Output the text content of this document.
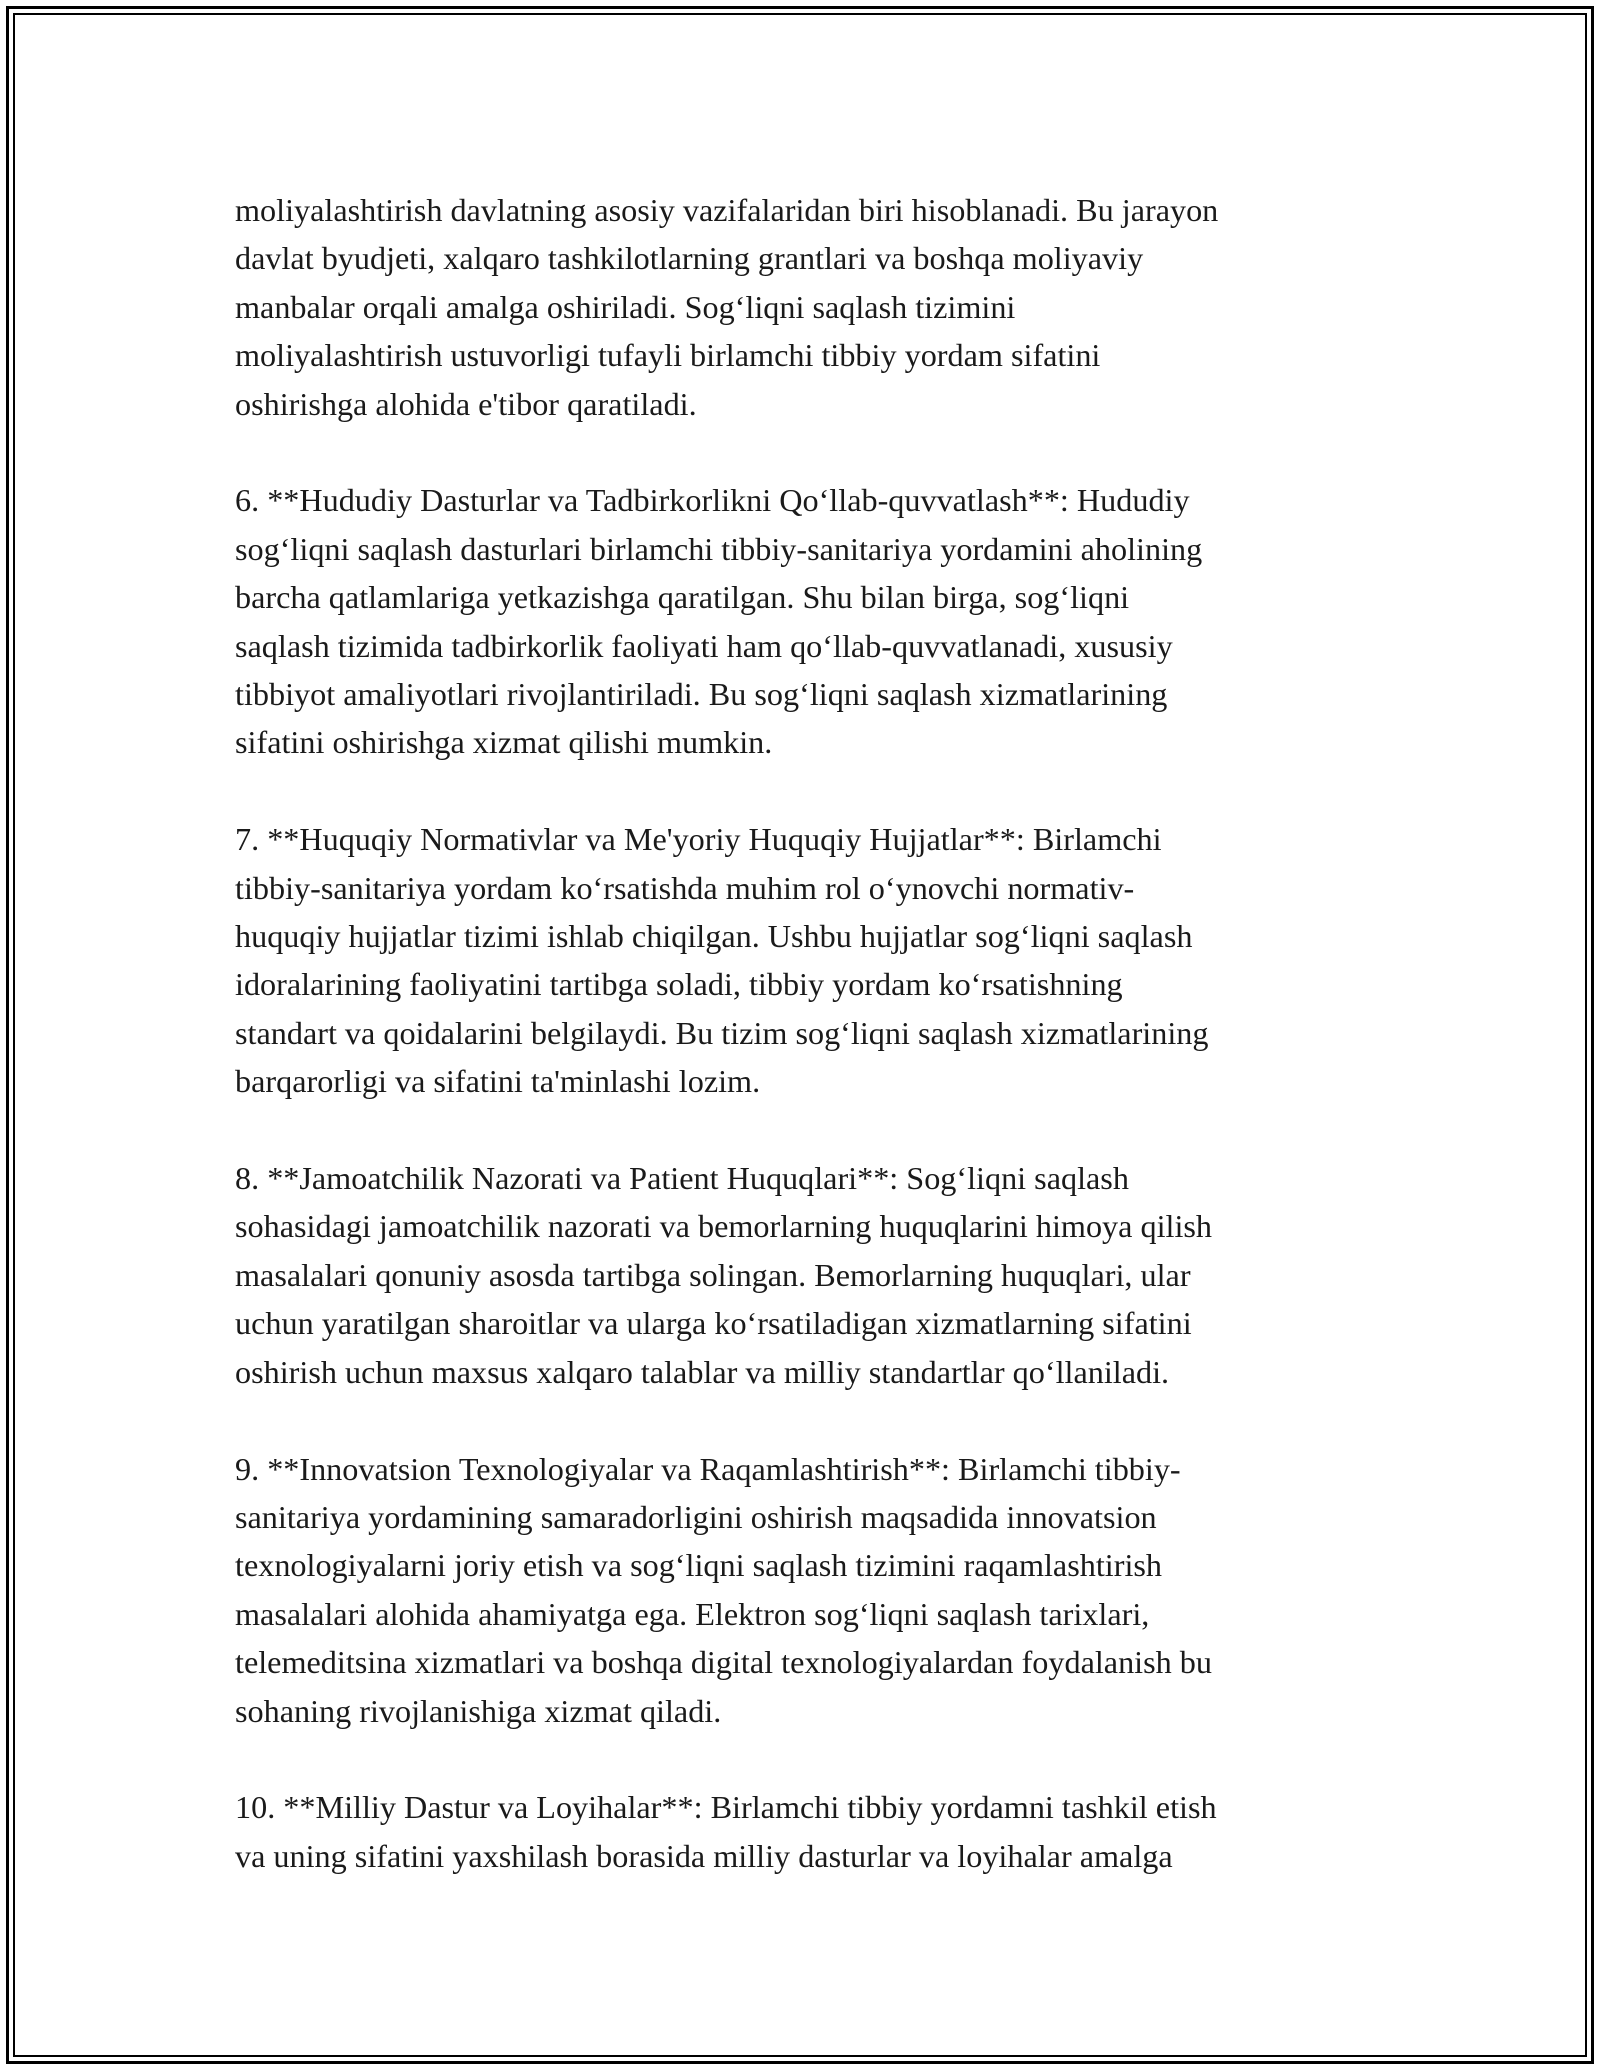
moliyalashtirish davlatning asosiy vazifalaridan biri hisoblanadi. Bu jarayon
davlat byudjeti, xalqaro tashkilotlarning grantlari va boshqa moliyaviy
manbalar orqali amalga oshiriladi. Sog‘liqni saqlash tizimini
moliyalashtirish ustuvorligi tufayli birlamchi tibbiy yordam sifatini
oshirishga alohida e'tibor qaratiladi.

6. **Hududiy Dasturlar va Tadbirkorlikni Qo‘llab-quvvatlash**: Hududiy
sog‘liqni saqlash dasturlari birlamchi tibbiy-sanitariya yordamini aholining
barcha qatlamlariga yetkazishga qaratilgan. Shu bilan birga, sog‘liqni
saqlash tizimida tadbirkorlik faoliyati ham qo‘llab-quvvatlanadi, xususiy
tibbiyot amaliyotlari rivojlantiriladi. Bu sog‘liqni saqlash xizmatlarining
sifatini oshirishga xizmat qilishi mumkin.

7. **Huquqiy Normativlar va Me'yoriy Huquqiy Hujjatlar**: Birlamchi
tibbiy-sanitariya yordam ko‘rsatishda muhim rol o‘ynovchi normativ-
huquqiy hujjatlar tizimi ishlab chiqilgan. Ushbu hujjatlar sog‘liqni saqlash
idoralarining faoliyatini tartibga soladi, tibbiy yordam ko‘rsatishning
standart va qoidalarini belgilaydi. Bu tizim sog‘liqni saqlash xizmatlarining
barqarorligi va sifatini ta'minlashi lozim.

8. **Jamoatchilik Nazorati va Patient Huquqlari**: Sog‘liqni saqlash
sohasidagi jamoatchilik nazorati va bemorlarning huquqlarini himoya qilish
masalalari qonuniy asosda tartibga solingan. Bemorlarning huquqlari, ular
uchun yaratilgan sharoitlar va ularga ko‘rsatiladigan xizmatlarning sifatini
oshirish uchun maxsus xalqaro talablar va milliy standartlar qo‘llaniladi.

9. **Innovatsion Texnologiyalar va Raqamlashtirish**: Birlamchi tibbiy-
sanitariya yordamining samaradorligini oshirish maqsadida innovatsion
texnologiyalarni joriy etish va sog‘liqni saqlash tizimini raqamlashtirish
masalalari alohida ahamiyatga ega. Elektron sog‘liqni saqlash tarixlari,
telemeditsina xizmatlari va boshqa digital texnologiyalardan foydalanish bu
sohaning rivojlanishiga xizmat qiladi.

10. **Milliy Dastur va Loyihalar**: Birlamchi tibbiy yordamni tashkil etish
va uning sifatini yaxshilash borasida milliy dasturlar va loyihalar amalga
